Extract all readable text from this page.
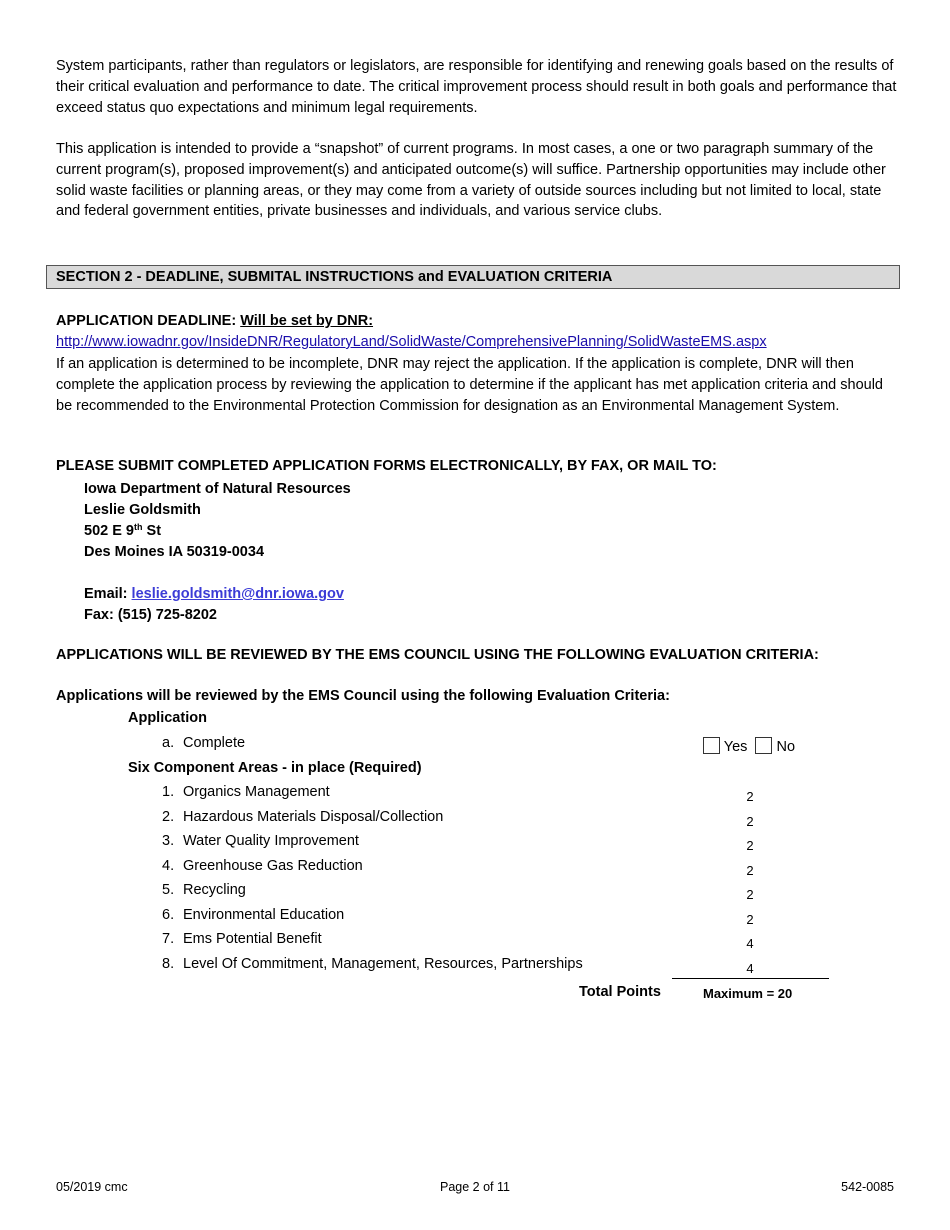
System participants, rather than regulators or legislators, are responsible for identifying and renewing goals based on the results of their critical evaluation and performance to date. The critical improvement process should result in both goals and performance that exceed status quo expectations and minimum legal requirements.

This application is intended to provide a “snapshot” of current programs. In most cases, a one or two paragraph summary of the current program(s), proposed improvement(s) and anticipated outcome(s) will suffice. Partnership opportunities may include other solid waste facilities or planning areas, or they may come from a variety of outside sources including but not limited to local, state and federal government entities, private businesses and individuals, and various service clubs.

SECTION 2 - DEADLINE, SUBMITAL INSTRUCTIONS and EVALUATION CRITERIA
APPLICATION DEADLINE: Will be set by DNR:
http://www.iowadnr.gov/InsideDNR/RegulatoryLand/SolidWaste/ComprehensivePlanning/SolidWasteEMS.aspx

If an application is determined to be incomplete, DNR may reject the application. If the application is complete, DNR will then complete the application process by reviewing the application to determine if the applicant has met application criteria and should be recommended to the Environmental Protection Commission for designation as an Environmental Management System.

PLEASE SUBMIT COMPLETED APPLICATION FORMS ELECTRONICALLY, BY FAX, OR MAIL TO:
Iowa Department of Natural Resources
Leslie Goldsmith
502 E 9th St
Des Moines IA 50319-0034
Email: leslie.goldsmith@dnr.iowa.gov
Fax: (515) 725-8202
APPLICATIONS WILL BE REVIEWED BY THE EMS COUNCIL USING THE FOLLOWING EVALUATION CRITERIA:
Applications will be reviewed by the EMS Council using the following Evaluation Criteria:
Application
a. Complete	Yes No
Six Component Areas - in place (Required)
1. Organics Management	2
2. Hazardous Materials Disposal/Collection	2
3. Water Quality Improvement	2
4. Greenhouse Gas Reduction	2
5. Recycling	2
6. Environmental Education	2
7. Ems Potential Benefit	4
8. Level Of Commitment, Management, Resources, Partnerships	4
Total Points	Maximum = 20
05/2019 cmc	Page 2 of 11	542-0085
